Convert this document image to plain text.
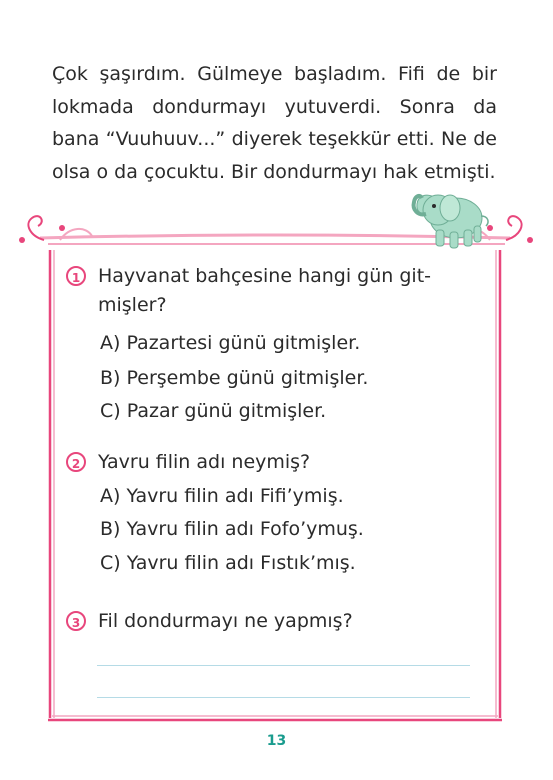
Çok şaşırdım. Gülmeye başladım. Fifi de bir lokmada dondurmayı yutuverdi. Sonra da bana “Vuuhuuv...” diyerek teşekkür etti. Ne de olsa o da çocuktu. Bir dondurmayı hak etmişti.

1 Hayvanat bahçesine hangi gün git-
mişler?
A) Pazartesi günü gitmişler.
B) Perşembe günü gitmişler.
C) Pazar günü gitmişler.
2 Yavru filin adı neymiş?
A) Yavru filin adı Fifi’ymiş.
B) Yavru filin adı Fofo’ymuş.
C) Yavru filin adı Fıstık’mış.
3 Fil dondurmayı ne yapmış?
13
